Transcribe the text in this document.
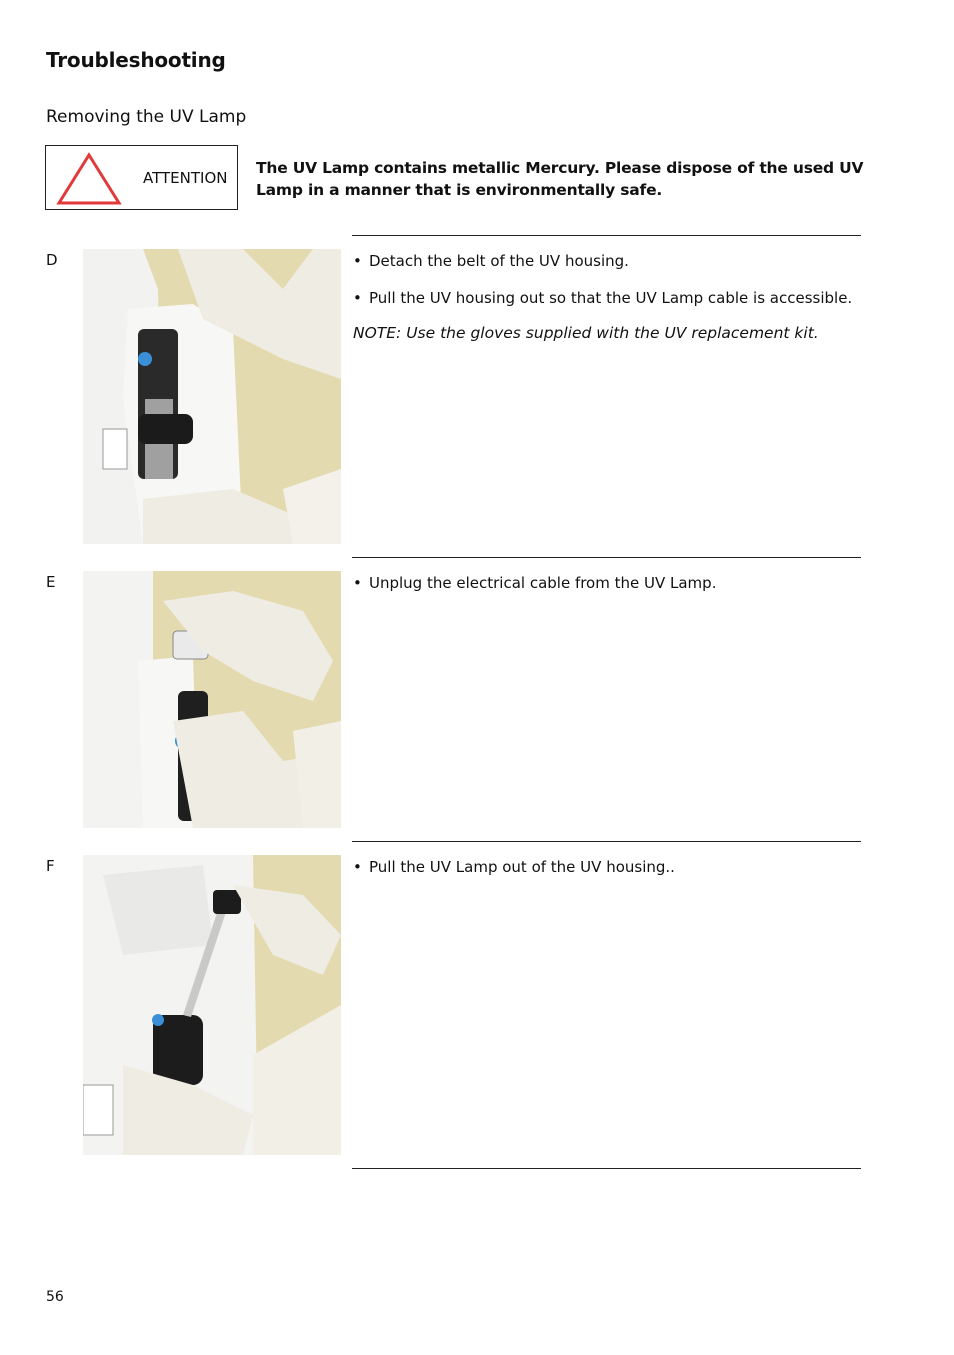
Troubleshooting
Removing the UV Lamp
ATTENTION
The UV Lamp contains metallic Mercury. Please dispose of the used UV Lamp in a manner that is environmentally safe.
D	• Detach the belt of the UV housing.
• Pull the UV housing out so that the UV Lamp cable is accessible.
NOTE: Use the gloves supplied with the UV replacement kit.
E	• Unplug the electrical cable from the UV Lamp.
F	• Pull the UV Lamp out of the UV housing..
56
